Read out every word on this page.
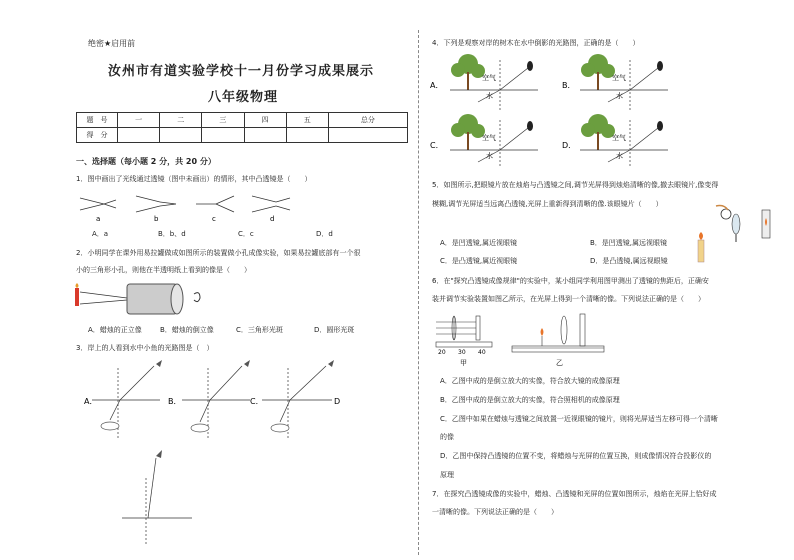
绝密★启用前
汝州市有道实验学校十一月份学习成果展示
八年级物理
题　号	一	二	三	四	五	总分
得　分						
一、选择题（每小题 2 分，共 20 分）
1．图中画出了光线通过透镜（图中未画出）的情形，其中凸透镜是（　　）
a	b	c	d
A．a	B．b、d	C．c	D．d
2．小明同学在课外用易拉罐做成如图所示的装置做小孔成像实验，如果易拉罐底部有一个很
小的三角形小孔，则他在半透明纸上看到的像是（　　）
A．蜡烛的正立像	B．蜡烛的倒立像	C．三角形光斑	D．圆形光斑
3．岸上的人看到水中小鱼的光路图是（　）
A．	B．	C．	D
4．下列是观察对岸的树木在水中倒影的光路图，正确的是（　　）
空气
水
空气
水
空气
水
空气
水
A．	B．
C．	D．
5．如图所示,把眼镜片放在烛焰与凸透镜之间,调节光屏得到烛焰清晰的像,撤去眼镜片,像变得
模糊,调节光屏适当远离凸透镜,光屏上重新得到清晰的像.该眼镜片（　　）
A．是凹透镜,属近视眼镜	B．是凹透镜,属远视眼镜
C．是凸透镜,属近视眼镜	D．是凸透镜,属远视眼镜
6．在"探究凸透镜成像规律"的实验中，某小组同学利用图甲测出了透镜的焦距后，正确安
装并调节实验装置如图乙所示，在光屏上得到一个清晰的像。下列说法正确的是（　　）
20 30 40
甲	乙
A．乙图中成的是倒立放大的实像，符合放大镜的成像原理
B．乙图中成的是倒立放大的实像，符合照相机的成像原理
C．乙图中如果在蜡烛与透镜之间放置一近视眼镜的镜片，则将光屏适当左移可得一个清晰
的像
D．乙图中保持凸透镜的位置不变，将蜡烛与光屏的位置互换，则成像情况符合投影仪的
原理
7．在探究凸透镜成像的实验中，蜡烛、凸透镜和光屏的位置如图所示，烛焰在光屏上恰好成
一清晰的像。下列说法正确的是（　　）
